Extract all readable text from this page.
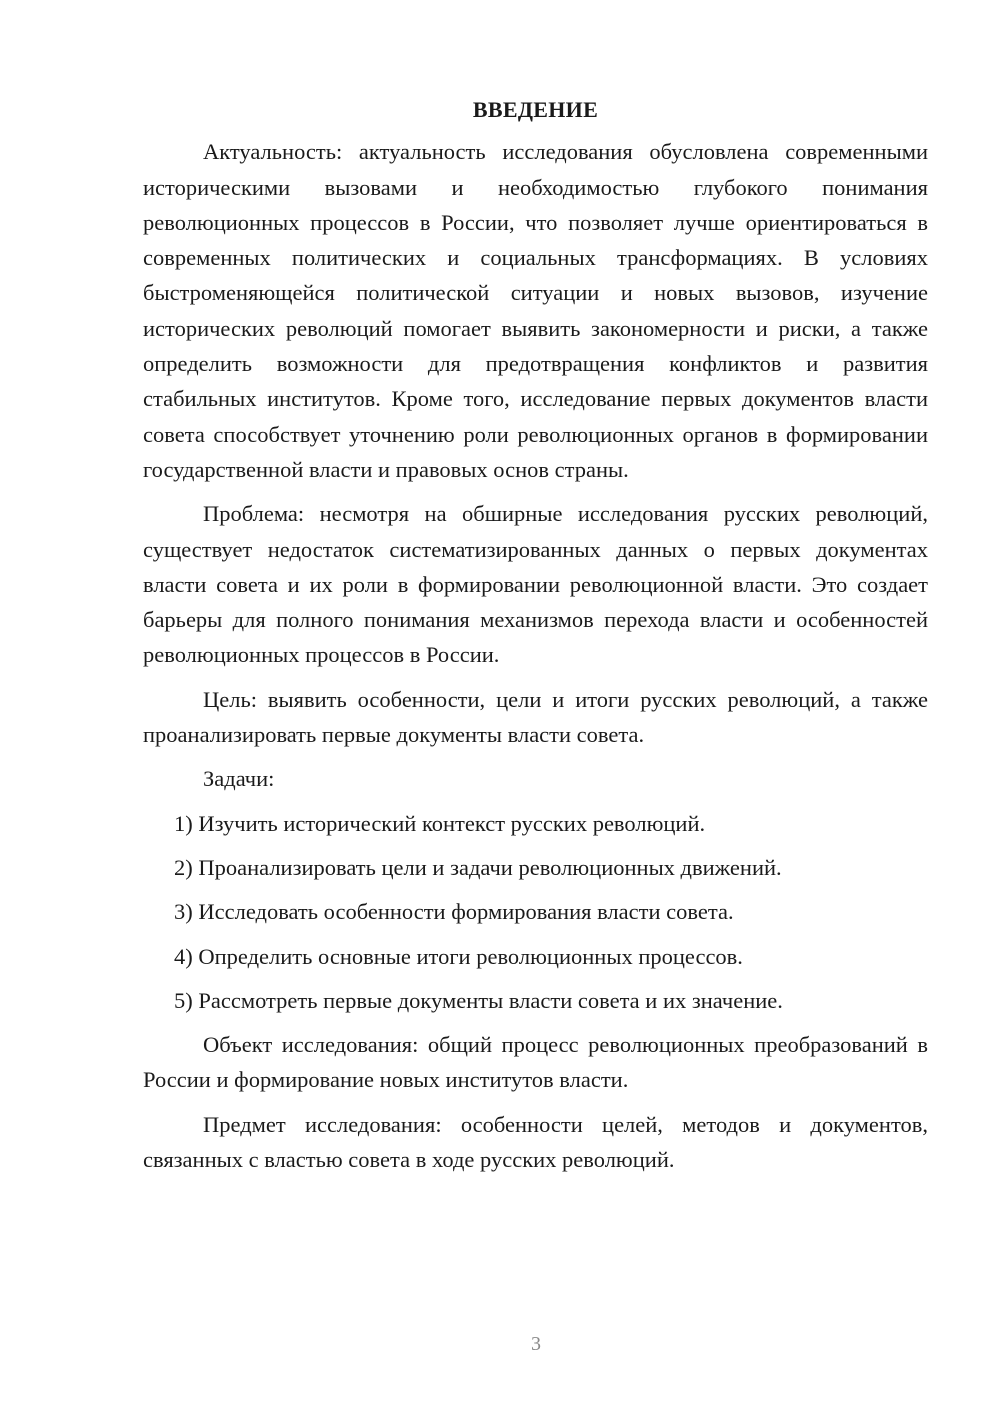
ВВЕДЕНИЕ

Актуальность: актуальность исследования обусловлена современными историческими вызовами и необходимостью глубокого понимания революционных процессов в России, что позволяет лучше ориентироваться в современных политических и социальных трансформациях. В условиях быстроменяющейся политической ситуации и новых вызовов, изучение исторических революций помогает выявить закономерности и риски, а также определить возможности для предотвращения конфликтов и развития стабильных институтов. Кроме того, исследование первых документов власти совета способствует уточнению роли революционных органов в формировании государственной власти и правовых основ страны.

Проблема: несмотря на обширные исследования русских революций, существует недостаток систематизированных данных о первых документах власти совета и их роли в формировании революционной власти. Это создает барьеры для полного понимания механизмов перехода власти и особенностей революционных процессов в России.

Цель: выявить особенности, цели и итоги русских революций, а также проанализировать первые документы власти совета.

Задачи:

1) Изучить исторический контекст русских революций.
2) Проанализировать цели и задачи революционных движений.
3) Исследовать особенности формирования власти совета.
4) Определить основные итоги революционных процессов.
5) Рассмотреть первые документы власти совета и их значение.

Объект исследования: общий процесс революционных преобразований в России и формирование новых институтов власти.

Предмет исследования: особенности целей, методов и документов, связанных с властью совета в ходе русских революций.

3
